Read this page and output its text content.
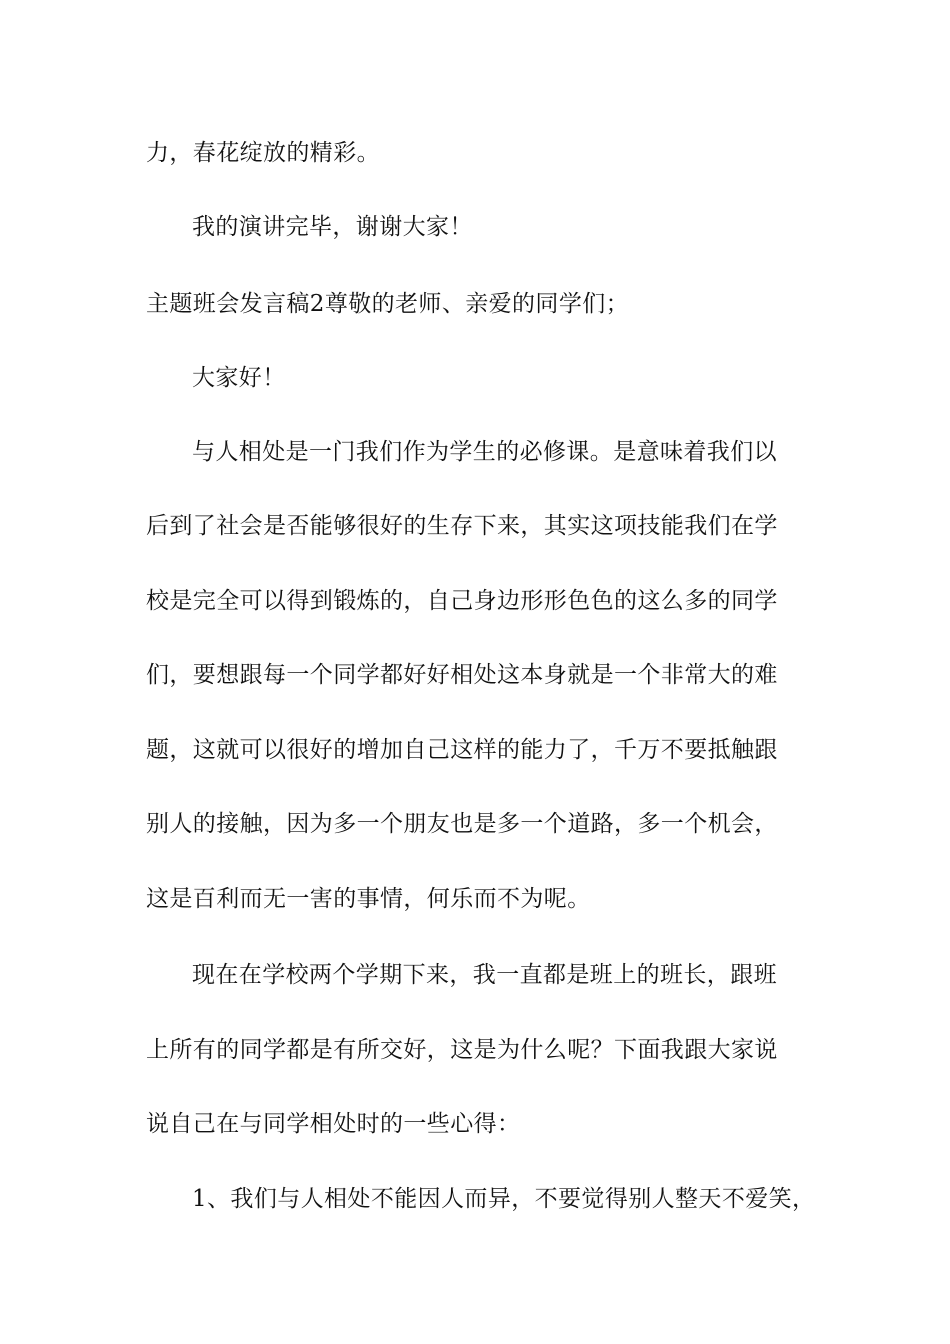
力，春花绽放的精彩。
我的演讲完毕，谢谢大家！
主题班会发言稿2尊敬的老师、亲爱的同学们；
大家好！
与人相处是一门我们作为学生的必修课。是意味着我们以
后到了社会是否能够很好的生存下来，其实这项技能我们在学
校是完全可以得到锻炼的，自己身边形形色色的这么多的同学
们，要想跟每一个同学都好好相处这本身就是一个非常大的难
题，这就可以很好的增加自己这样的能力了，千万不要抵触跟
别人的接触，因为多一个朋友也是多一个道路，多一个机会，
这是百利而无一害的事情，何乐而不为呢。
现在在学校两个学期下来，我一直都是班上的班长，跟班
上所有的同学都是有所交好，这是为什么呢？下面我跟大家说
说自己在与同学相处时的一些心得：
1、我们与人相处不能因人而异，不要觉得别人整天不爱笑，
